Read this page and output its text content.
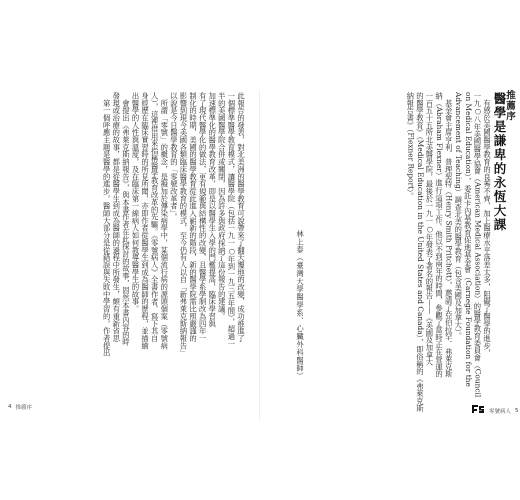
此報告的發表，對北美洲的醫學教育可說帶來了翻天覆地的改變，成功推進了
一個標準醫學教育模式，讓醫學院（包括一九一○年到一九三五年間），超過一
半的美國醫學院合併或關閉，因為許多與政府採納了這份報告的建議。
加速標準化的醫學教育改革，即是以醫學生入學的門檻提高，臨床學習與
有了現代醫學化的做法，更有規範與結構性的改變，且醫學系學制改為四年一
制化的時期，美國的醫學教育從此進入嶄新的階段，新的醫學院需比照嚴謹的
影響到現今美國各類臨床醫學教育的模式，至今仍有人以自「新弗萊克斯納報告」
以說是今日醫學教育的「零號改革者」。
　所謂「零號」的概念，是擬加於傳染病學中，某個流行病的源頭個案（零號病
人），這裡借用來指稱醫學教育改革的先驅。《零號病人》全書作者，寫下其自
身經歷在臨床實習時的所見所聞，亦即作者從醫學生到成為醫師的歷程，並描繪
出醫學的人性與溫度，及在臨床第一線病人如何教導醫學生的故事。
　會提出《弗萊克斯納報告》，與本書作者在此探討的故事，固然本書內容的時
發現或治療的故事，都是從醫學生到成為醫師的過程中所發生，頗有重新省思
　第一個呼應主題是醫學的進步，醫師大部分是從錯誤與失敗中學習的，作者提出
4 推薦序
推薦序
醫學是謙卑的永恆大課
　有感於美國醫學教育的良莠不齊，加上醫療水平落差太多，阻礙了醫學的進步，
一九○八年美國醫學協會（American Medical Association）的醫學教育委員會（Council
on Medical Education），委託卡內基教育促進基金會（Carnegie Foundation for the
Advancement of Teaching）調查北美的醫學教育（包含美國及加拿大）。
　基金會主席亨利．普理契特（Henry Smith Pritchett），邀請了亞伯拉罕．弗萊克斯
納（Abraham Flexner）進行這項工作。他以不到兩年的時間，參觀了當時正在營運的
一百五十五所北美醫學院，最後於一九一○年發表了著名的報告——《美國及加拿大
的醫學教育》（Medical Education in the United States and Canada），即俗稱的《弗萊克斯
納報告書》（Flexner Report）。
林上泰（臺灣大學醫學系、心臟外科醫師）
零號病人 5
